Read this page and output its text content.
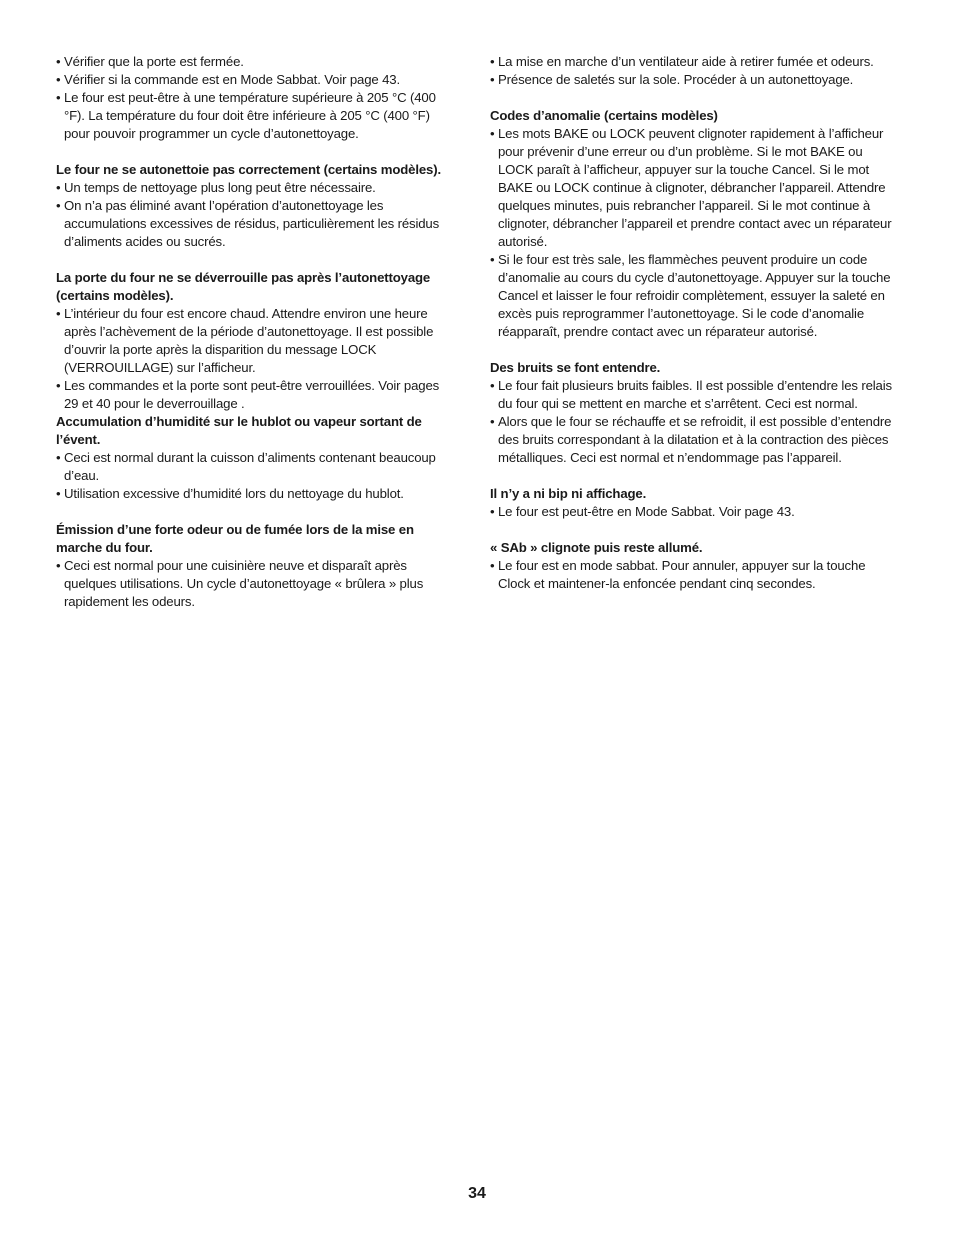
• Vérifier que la porte est fermée.
• Vérifier si la commande est en Mode Sabbat. Voir page 43.
• Le four est peut-être à une température supérieure à 205 °C (400 °F). La température du four doit être inférieure à 205 °C (400 °F) pour pouvoir programmer un cycle d’autonettoyage.

Le four ne se autonettoie pas correctement (certains modèles).

• Un temps de nettoyage plus long peut être nécessaire.
• On n’a pas éliminé avant l’opération d’autonettoyage les accumulations excessives de résidus, particulièrement les résidus d’aliments acides ou sucrés.

La porte du four ne se déverrouille pas après l’autonettoyage (certains modèles).

• L’intérieur du four est encore chaud. Attendre environ une heure après l’achèvement de la période d’autonettoyage. Il est possible d’ouvrir la porte après la disparition du message LOCK (VERROUILLAGE) sur l’afficheur.
• Les commandes et la porte sont peut-être verrouillées. Voir pages 29 et 40 pour le deverrouillage .

Accumulation d’humidité sur le hublot ou vapeur sortant de l’évent.

• Ceci est normal durant la cuisson d’aliments contenant beaucoup d’eau.
• Utilisation excessive d’humidité lors du nettoyage du hublot.

Émission d’une forte odeur ou de fumée lors de la mise en marche du four.

• Ceci est normal pour une cuisinière neuve et disparaît après quelques utilisations. Un cycle d’autonettoyage « brûlera » plus rapidement les odeurs.
• La mise en marche d’un ventilateur aide à retirer fumée et odeurs.
• Présence de saletés sur la sole. Procéder à un autonettoyage.

Codes d’anomalie (certains modèles)

• Les mots BAKE ou LOCK peuvent clignoter rapidement à l’afficheur pour prévenir d’une erreur ou d’un problème. Si le mot BAKE ou LOCK paraît à l’afficheur, appuyer sur la touche Cancel. Si le mot BAKE ou LOCK continue à clignoter, débrancher l’appareil. Attendre quelques minutes, puis rebrancher l’appareil. Si le mot continue à clignoter, débrancher l’appareil et prendre contact avec un réparateur autorisé.
• Si le four est très sale, les flammèches peuvent produire un code d’anomalie au cours du cycle d’autonettoyage. Appuyer sur la touche Cancel et laisser le four refroidir complètement, essuyer la saleté en excès puis reprogrammer l’autonettoyage. Si le code d’anomalie réapparaît, prendre contact avec un réparateur autorisé.

Des bruits se font entendre.

• Le four fait plusieurs bruits faibles. Il est possible d’entendre les relais du four qui se mettent en marche et s’arrêtent. Ceci est normal.
• Alors que le four se réchauffe et se refroidit, il est possible d’entendre des bruits correspondant à la dilatation et à la contraction des pièces métalliques. Ceci est normal et n’endommage pas l’appareil.

Il n’y a ni bip ni affichage.

• Le four est peut-être en Mode Sabbat. Voir page 43.

« SAb » clignote puis reste allumé.

• Le four est en mode sabbat. Pour annuler, appuyer sur la touche Clock et maintener-la enfoncée pendant cinq secondes.
34
